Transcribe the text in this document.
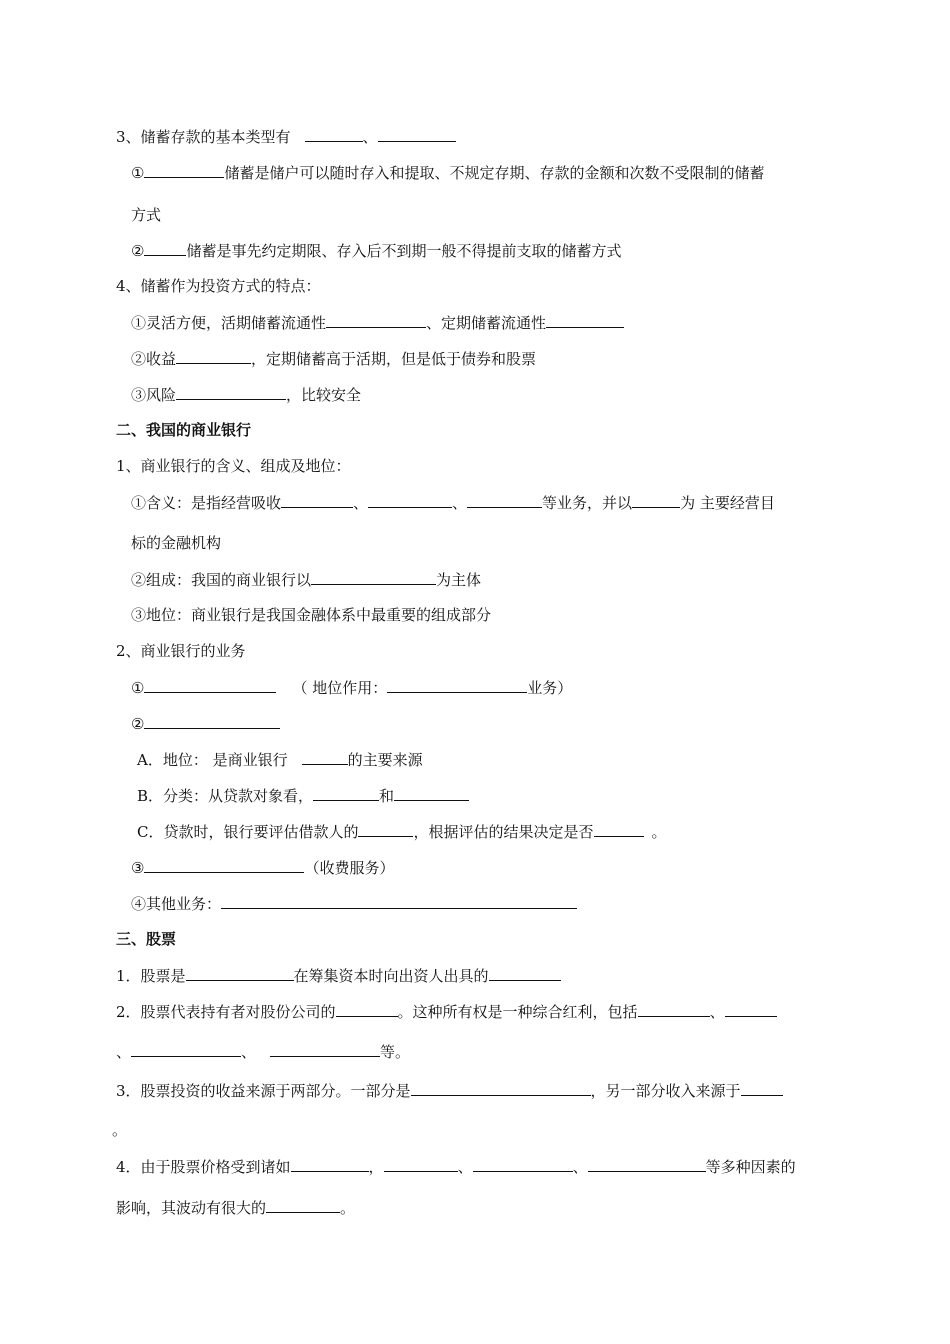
3、储蓄存款的基本类型有	、
①	储蓄是储户可以随时存入和提取、不规定存期、存款的金额和次数不受限制的储蓄
方式
②	储蓄是事先约定期限、存入后不到期一般不得提前支取的储蓄方式
4、储蓄作为投资方式的特点：
①灵活方便，活期储蓄流通性	、定期储蓄流通性
②收益	，定期储蓄高于活期，但是低于债券和股票
③风险	，比较安全
二、我国的商业银行
1、商业银行的含义、组成及地位：
①含义：是指经营吸收	、	、	等业务，并以	为 主要经营目
标的金融机构
②组成：我国的商业银行以	为主体
③地位：商业银行是我国金融体系中最重要的组成部分
2、商业银行的业务
①	（ 地位作用：	业务）
②
A．地位： 是商业银行	的主要来源
B．分类：从贷款对象看，	和
C．贷款时，银行要评估借款人的	，根据评估的结果决定是否	。
③	（收费服务）
④其他业务：
三、股票
1．股票是	在筹集资本时向出资人出具的
2．股票代表持有者对股份公司的	。这种所有权是一种综合红利，包括	、
、	、	等。
3．股票投资的收益来源于两部分。一部分是	，另一部分收入来源于
。
4．由于股票价格受到诸如	，	、	、	等多种因素的
影响，其波动有很大的	。
